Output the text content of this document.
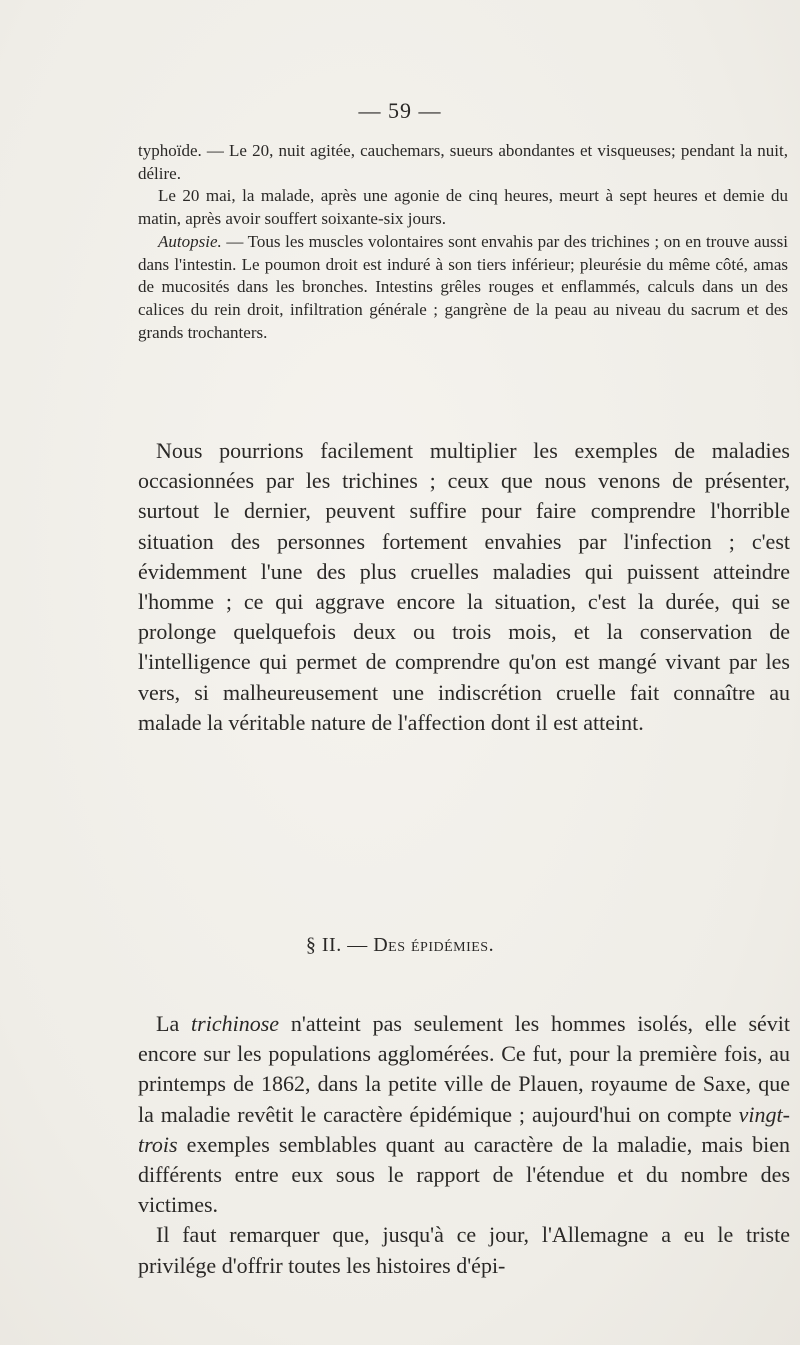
— 59 —

typhoïde. — Le 20, nuit agitée, cauchemars, sueurs abondantes et visqueuses; pendant la nuit, délire.

Le 20 mai, la malade, après une agonie de cinq heures, meurt à sept heures et demie du matin, après avoir souffert soixante-six jours.

Autopsie. — Tous les muscles volontaires sont envahis par des trichines ; on en trouve aussi dans l'intestin. Le poumon droit est induré à son tiers inférieur; pleurésie du même côté, amas de mucosités dans les bronches. Intestins grêles rouges et enflammés, calculs dans un des calices du rein droit, infiltration générale ; gangrène de la peau au niveau du sacrum et des grands trochanters.

Nous pourrions facilement multiplier les exemples de maladies occasionnées par les trichines ; ceux que nous venons de présenter, surtout le dernier, peuvent suffire pour faire comprendre l'horrible situation des personnes fortement envahies par l'infection ; c'est évidemment l'une des plus cruelles maladies qui puissent atteindre l'homme ; ce qui aggrave encore la situation, c'est la durée, qui se prolonge quelquefois deux ou trois mois, et la conservation de l'intelligence qui permet de comprendre qu'on est mangé vivant par les vers, si malheureusement une indiscrétion cruelle fait connaître au malade la véritable nature de l'affection dont il est atteint.

§ II. — Des épidémies.

La trichinose n'atteint pas seulement les hommes isolés, elle sévit encore sur les populations agglomérées. Ce fut, pour la première fois, au printemps de 1862, dans la petite ville de Plauen, royaume de Saxe, que la maladie revêtit le caractère épidémique ; aujourd'hui on compte vingt-trois exemples semblables quant au caractère de la maladie, mais bien différents entre eux sous le rapport de l'étendue et du nombre des victimes.

Il faut remarquer que, jusqu'à ce jour, l'Allemagne a eu le triste privilége d'offrir toutes les histoires d'épi-
